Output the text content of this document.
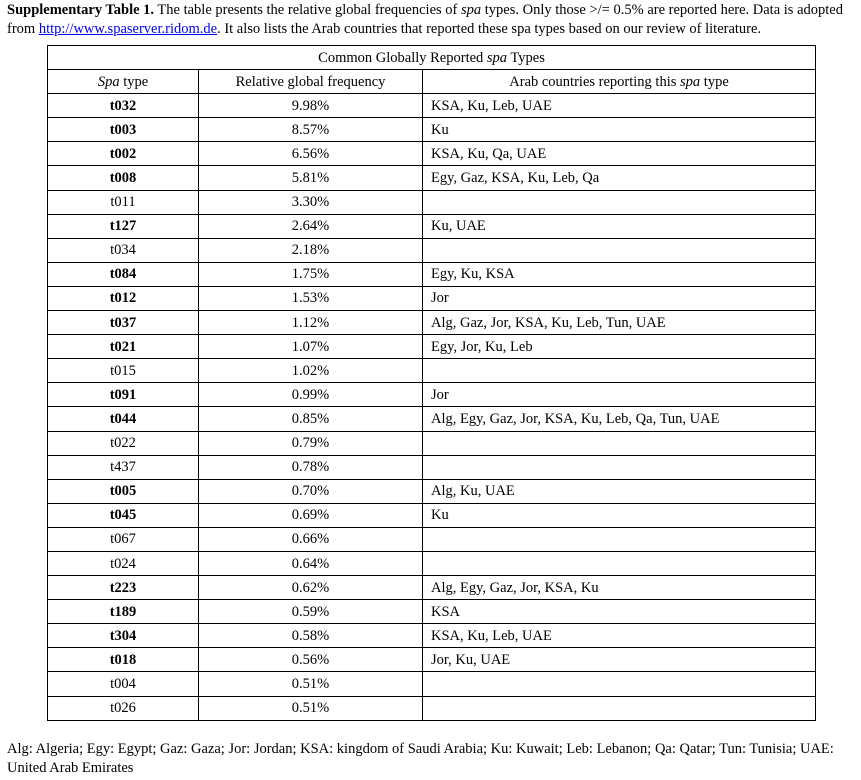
Supplementary Table 1. The table presents the relative global frequencies of spa types. Only those >/= 0.5% are reported here. Data is adopted from http://www.spaserver.ridom.de. It also lists the Arab countries that reported these spa types based on our review of literature.
Common Globally Reported spa Types		
Spa type	Relative global frequency	Arab countries reporting this spa type
t032	9.98%	KSA, Ku, Leb, UAE
t003	8.57%	Ku
t002	6.56%	KSA, Ku, Qa, UAE
t008	5.81%	Egy, Gaz, KSA, Ku, Leb, Qa
t011	3.30%	
t127	2.64%	Ku, UAE
t034	2.18%	
t084	1.75%	Egy, Ku, KSA
t012	1.53%	Jor
t037	1.12%	Alg, Gaz, Jor, KSA, Ku, Leb, Tun, UAE
t021	1.07%	Egy, Jor, Ku, Leb
t015	1.02%	
t091	0.99%	Jor
t044	0.85%	Alg, Egy, Gaz, Jor, KSA, Ku, Leb, Qa, Tun, UAE
t022	0.79%	
t437	0.78%	
t005	0.70%	Alg, Ku, UAE
t045	0.69%	Ku
t067	0.66%	
t024	0.64%	
t223	0.62%	Alg, Egy, Gaz, Jor, KSA, Ku
t189	0.59%	KSA
t304	0.58%	KSA, Ku, Leb, UAE
t018	0.56%	Jor, Ku, UAE
t004	0.51%	
t026	0.51%	
Alg: Algeria; Egy: Egypt; Gaz: Gaza; Jor: Jordan; KSA: kingdom of Saudi Arabia; Ku: Kuwait; Leb: Lebanon; Qa: Qatar; Tun: Tunisia; UAE: United Arab Emirates
